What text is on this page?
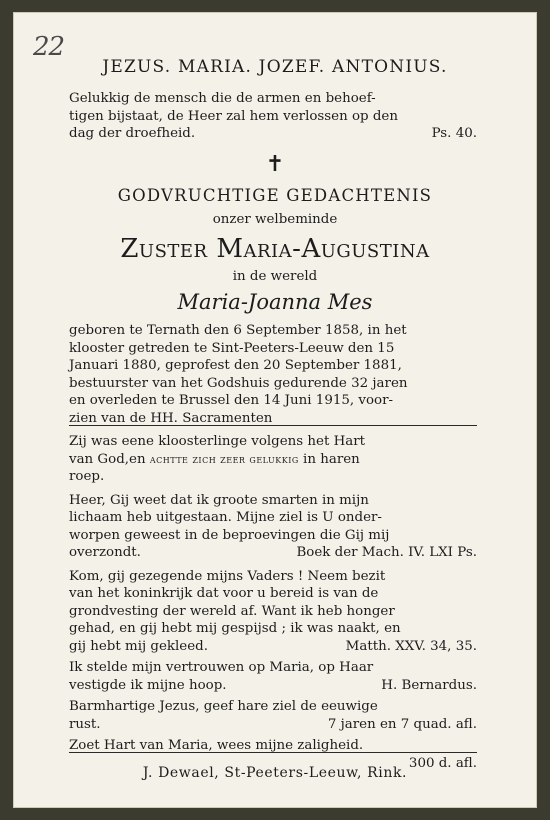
22
JEZUS. MARIA. JOZEF. ANTONIUS.
Gelukkig de mensch die de armen en behoef-
tigen bijstaat, de Heer zal hem verlossen op den
dag der droefheid.	Ps. 40.
✝
GODVRUCHTIGE GEDACHTENIS
onzer welbeminde
Zuster Maria-Augustina
in de wereld
Maria-Joanna Mes
geboren te Ternath den 6 September 1858, in het
klooster getreden te Sint-Peeters-Leeuw den 15
Januari 1880, geprofest den 20 September 1881,
bestuurster van het Godshuis gedurende 32 jaren
en overleden te Brussel den 14 Juni 1915, voor-
zien van de HH. Sacramenten
Zij was eene kloosterlinge volgens het Hart
van God,en achtte zich zeer gelukkig in haren
roep.
Heer, Gij weet dat ik groote smarten in mijn
lichaam heb uitgestaan. Mijne ziel is U onder-
worpen geweest in de beproevingen die Gij mij
overzondt.	Boek der Mach. IV. LXI Ps.
Kom, gij gezegende mijns Vaders ! Neem bezit
van het koninkrijk dat voor u bereid is van de
grondvesting der wereld af. Want ik heb honger
gehad, en gij hebt mij gespijsd ; ik was naakt, en
gij hebt mij gekleed.	Matth. XXV. 34, 35.
Ik stelde mijn vertrouwen op Maria, op Haar
vestigde ik mijne hoop.	H. Bernardus.
Barmhartige Jezus, geef hare ziel de eeuwige
rust.	7 jaren en 7 quad. afl.
Zoet Hart van Maria, wees mijne zaligheid.
300 d. afl.
J. Dewael, St-Peeters-Leeuw, Rink.
